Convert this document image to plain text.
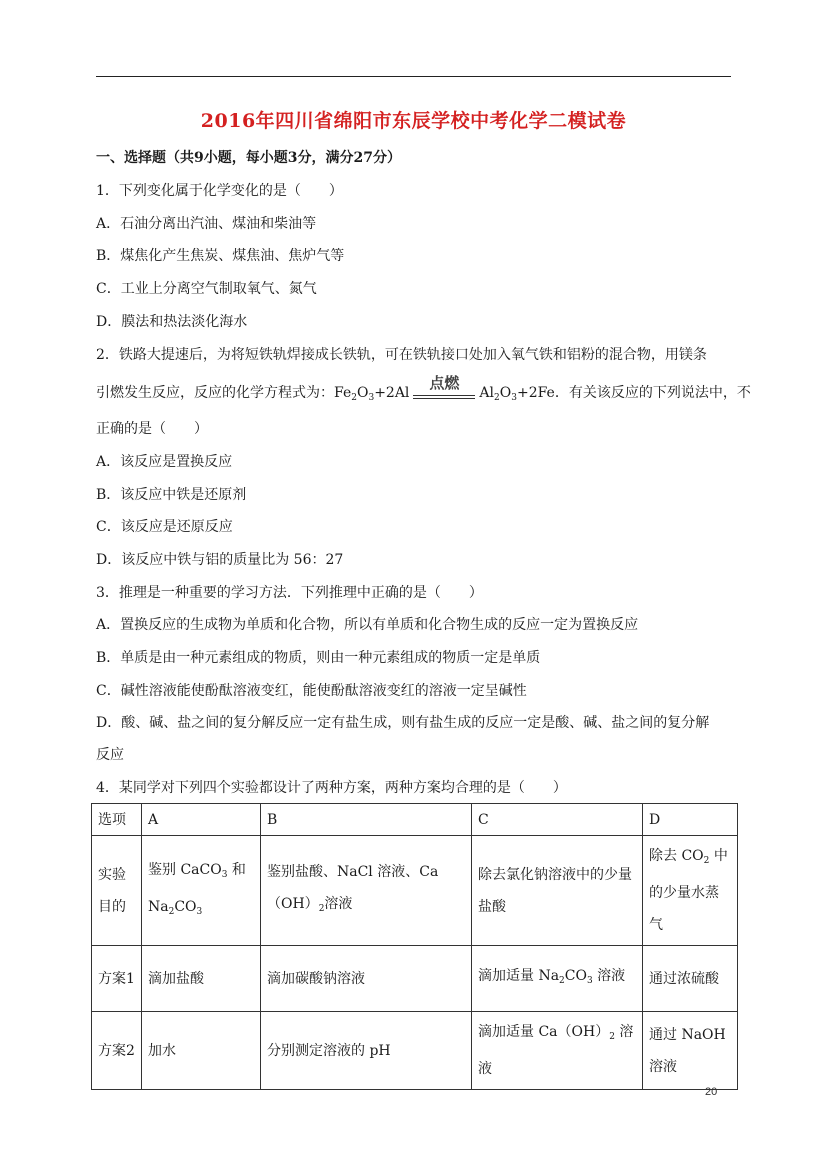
2016年四川省绵阳市东辰学校中考化学二模试卷
一、选择题（共9小题，每小题3分，满分27分）
1．下列变化属于化学变化的是（　　）
A．石油分离出汽油、煤油和柴油等
B．煤焦化产生焦炭、煤焦油、焦炉气等
C．工业上分离空气制取氧气、氮气
D．膜法和热法淡化海水
2．铁路大提速后，为将短铁轨焊接成长铁轨，可在铁轨接口处加入氧气铁和铝粉的混合物，用镁条
引燃发生反应，反应的化学方程式为：$Fe_2O_3+2Al$
点燃
$Al_2O_3+2Fe$．有关该反应的下列说法中，不
正确的是（　　）
A．该反应是置换反应
B．该反应中铁是还原剂
C．该反应是还原反应
D．该反应中铁与铝的质量比为 56：27
3．推理是一种重要的学习方法．下列推理中正确的是（　　）
A．置换反应的生成物为单质和化合物，所以有单质和化合物生成的反应一定为置换反应
B．单质是由一种元素组成的物质，则由一种元素组成的物质一定是单质
C．碱性溶液能使酚酞溶液变红，能使酚酞溶液变红的溶液一定呈碱性
D．酸、碱、盐之间的复分解反应一定有盐生成，则有盐生成的反应一定是酸、碱、盐之间的复分解
反应
4．某同学对下列四个实验都设计了两种方案，两种方案均合理的是（　　）
选项	A	B	C	D
实验目的	鉴别 CaCO$_3$ 和 $Na_2CO_3$	鉴别盐酸、NaCl 溶液、$Ca(OH)_2$溶液	除去氯化钠溶液中的少量盐酸	除去 $CO_2$ 中的少量水蒸气
方案1	滴加盐酸	滴加碳酸钠溶液	滴加适量 $Na_2CO_3$ 溶液	通过浓硫酸
方案2	加水	分别测定溶液的 pH	滴加适量 $Ca(OH)_2$ 溶液	通过 NaOH 溶液
20
